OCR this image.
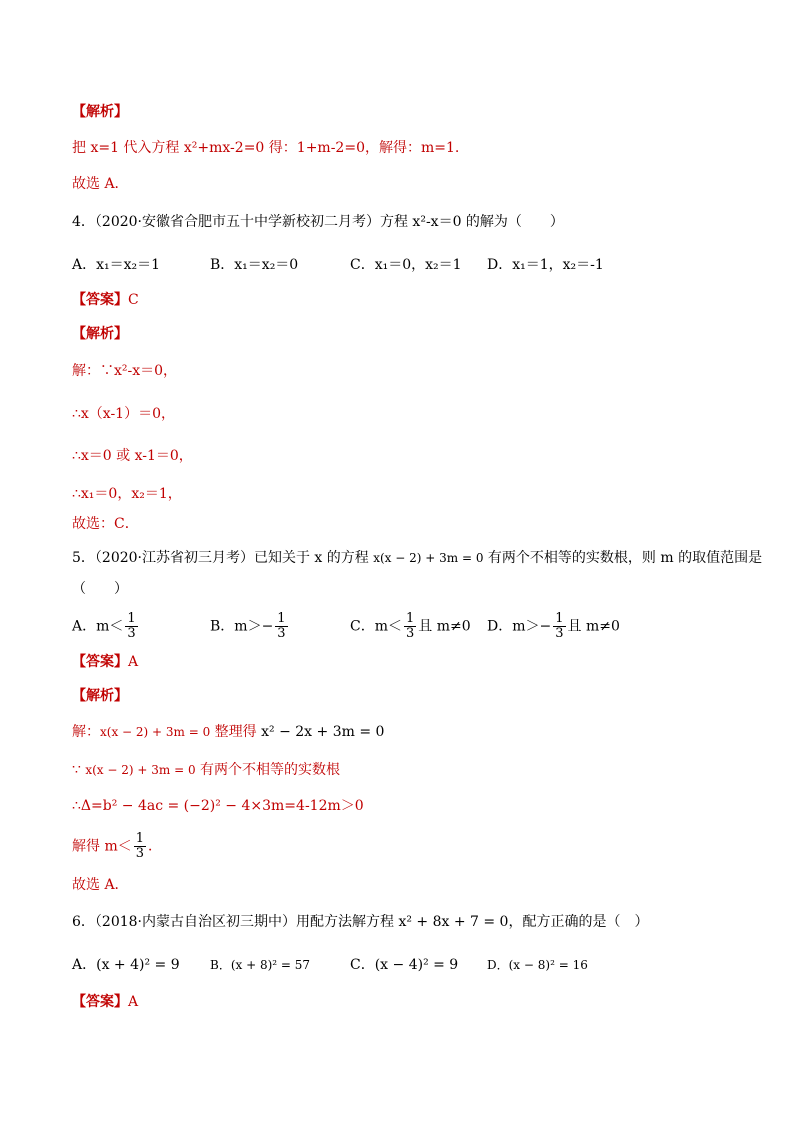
【解析】
把 x=1 代入方程 x²+mx-2=0 得：1+m-2=0，解得：m=1.
故选 A．
4．（2020·安徽省合肥市五十中学新校初二月考）方程 x²-x＝0 的解为（　　）
A．x₁＝x₂＝1	B．x₁＝x₂＝0	C．x₁＝0，x₂＝1 D．x₁＝1，x₂＝-1
【答案】C
【解析】
解：∵x²-x＝0，
∴x（x-1）＝0，
∴x＝0 或 x-1＝0，
∴x₁＝0，x₂＝1，
故选：C．
5．（2020·江苏省初三月考）已知关于 x 的方程 x(x − 2) + 3m = 0 有两个不相等的实数根，则 m 的取值范围是
（　　）
A．$m< \frac{1}{3}$	B．$m>- \frac{1}{3}$	C．$m< \frac{1}{3}$ 且 m≠0 D．$m>- \frac{1}{3}$ 且 m≠0
【答案】A
【解析】
解：x(x − 2) + 3m = 0 整理得 x² − 2x + 3m = 0
∵ x(x − 2) + 3m = 0 有两个不相等的实数根
∴Δ=b² − 4ac = (−2)² − 4×3m=4-12m＞0
解得 $m< \frac{1}{3}$ ．
故选 A．
6．（2018·内蒙古自治区初三期中）用配方法解方程 x² + 8x + 7 = 0，配方正确的是（　）
A．(x + 4)² = 9	B．(x + 8)² = 57	C．(x − 4)² = 9 D．(x − 8)² = 16
【答案】A
